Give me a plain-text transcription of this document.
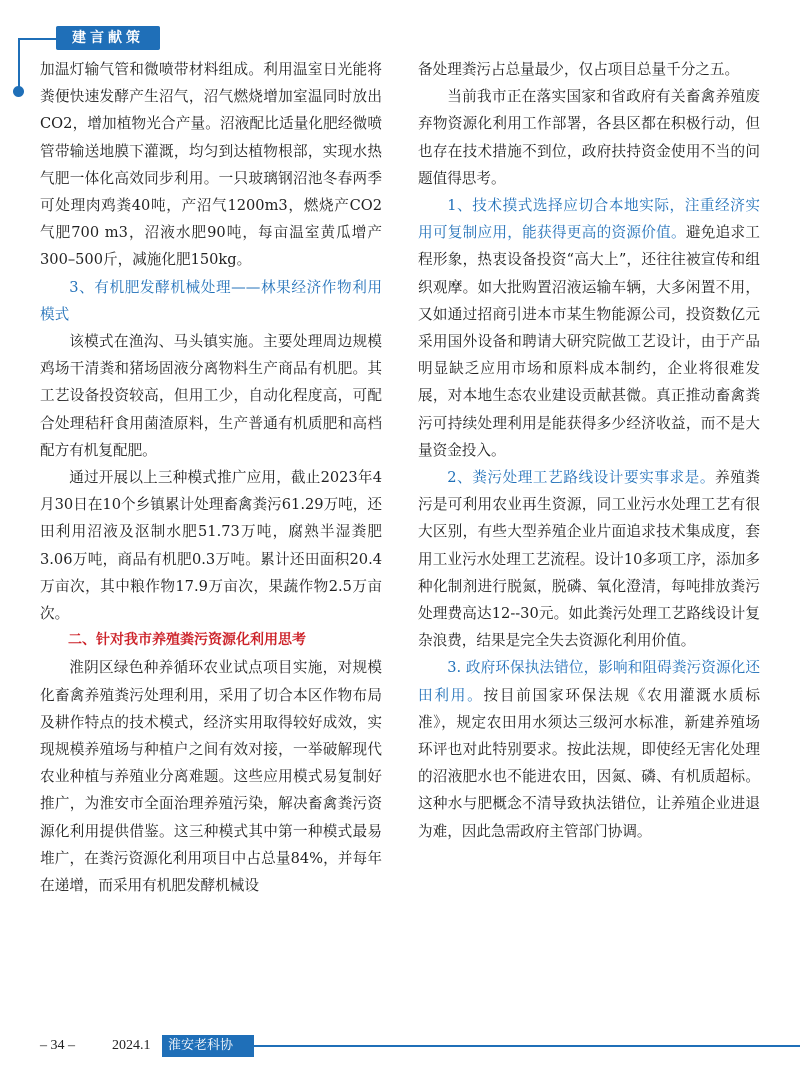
建言献策

加温灯输气管和微喷带材料组成。利用温室日光能将粪便快速发酵产生沼气，沼气燃烧增加室温同时放出CO2，增加植物光合产量。沼液配比适量化肥经微喷管带输送地膜下灌溉，均匀到达植物根部，实现水热气肥一体化高效同步利用。一只玻璃钢沼池冬春两季可处理肉鸡粪40吨，产沼气1200m3，燃烧产CO2气肥700 m3，沼液水肥90吨，每亩温室黄瓜增产300–500斤，减施化肥150kg。

3、有机肥发酵机械处理——林果经济作物利用模式

该模式在渔沟、马头镇实施。主要处理周边规模鸡场干清粪和猪场固液分离物料生产商品有机肥。其工艺设备投资较高，但用工少，自动化程度高，可配合处理秸秆食用菌渣原料，生产普通有机质肥和高档配方有机复配肥。

通过开展以上三种模式推广应用，截止2023年4月30日在10个乡镇累计处理畜禽粪污61.29万吨，还田利用沼液及沤制水肥51.73万吨，腐熟半湿粪肥3.06万吨，商品有机肥0.3万吨。累计还田面积20.4万亩次，其中粮作物17.9万亩次，果蔬作物2.5万亩次。

二、针对我市养殖粪污资源化利用思考

淮阴区绿色种养循环农业试点项目实施，对规模化畜禽养殖粪污处理利用，采用了切合本区作物布局及耕作特点的技术模式，经济实用取得较好成效，实现规模养殖场与种植户之间有效对接，一举破解现代农业种植与养殖业分离难题。这些应用模式易复制好推广，为淮安市全面治理养殖污染，解决畜禽粪污资源化利用提供借鉴。这三种模式其中第一种模式最易堆广，在粪污资源化利用项目中占总量84%，并每年在递增，而采用有机肥发酵机械设

备处理粪污占总量最少，仅占项目总量千分之五。

当前我市正在落实国家和省政府有关畜禽养殖废弃物资源化利用工作部署，各县区都在积极行动，但也存在技术措施不到位，政府扶持资金使用不当的问题值得思考。

1、技术摸式选择应切合本地实际，注重经济实用可复制应用，能获得更高的资源价值。避免追求工程形象，热衷设备投资“高大上”，还往往被宣传和组织观摩。如大批购置沼液运输车辆，大多闲置不用，又如通过招商引进本市某生物能源公司，投资数亿元采用国外设备和聘请大研究院做工艺设计，由于产品明显缺乏应用市场和原料成本制约，企业将很难发展，对本地生态农业建设贡献甚微。真正推动畜禽粪污可持续处理利用是能获得多少经济收益，而不是大量资金投入。

2、粪污处理工艺路线设计要实事求是。养殖粪污是可利用农业再生资源，同工业污水处理工艺有很大区别，有些大型养殖企业片面追求技术集成度，套用工业污水处理工艺流程。设计10多项工序，添加多种化制剂进行脱氮，脱磷、氧化澄清，每吨排放粪污处理费高达12--30元。如此粪污处理工艺路线设计复杂浪费，结果是完全失去资源化利用价值。

3. 政府环保执法错位，影响和阻碍粪污资源化还田利用。按目前国家环保法规《农用灌溉水质标准》，规定农田用水须达三级河水标准，新建养殖场环评也对此特别要求。按此法规，即使经无害化处理的沼液肥水也不能进农田，因氮、磷、有机质超标。这种水与肥概念不清导致执法错位，让养殖企业进退为难，因此急需政府主管部门协调。

– 34 –	2024.1	淮安老科协
